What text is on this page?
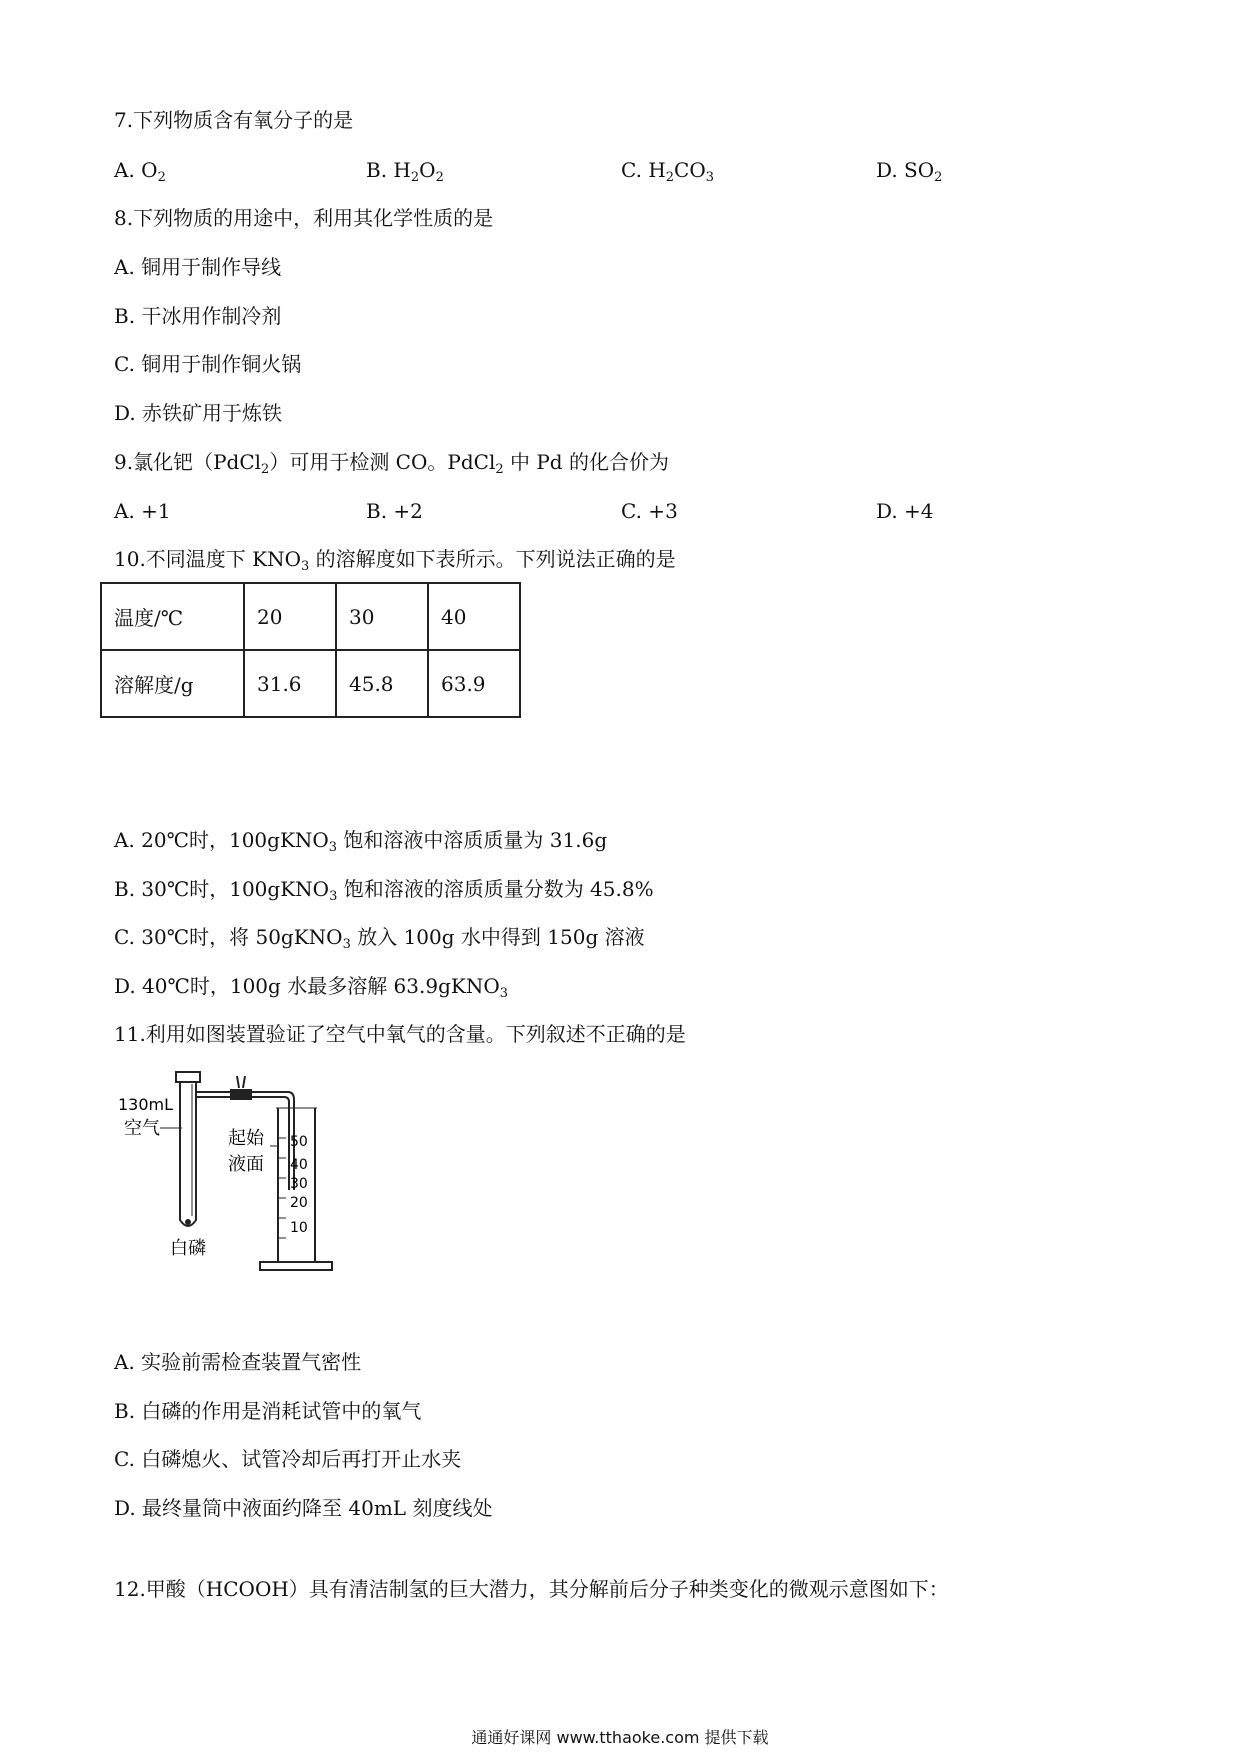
7.下列物质含有氧分子的是
A. $O_2$	B. $H_2O_2$	C. $H_2CO_3$	D. $SO_2$
8.下列物质的用途中，利用其化学性质的是
A. 铜用于制作导线
B. 干冰用作制冷剂
C. 铜用于制作铜火锅
D. 赤铁矿用于炼铁
9.氯化钯（PdCl$_2$）可用于检测 CO。PdCl$_2$ 中 Pd 的化合价为
A. +1	B. +2	C. +3	D. +4
10.不同温度下 $KNO_3$ 的溶解度如下表所示。下列说法正确的是
温度/℃	20	30	40
溶解度/g	31.6	45.8	63.9
A. 20℃时，100gKNO$_3$ 饱和溶液中溶质质量为 31.6g
B. 30℃时，100gKNO$_3$ 饱和溶液的溶质质量分数为 45.8%
C. 30℃时，将 50gKNO$_3$ 放入 100g 水中得到 150g 溶液
D. 40℃时，100g 水最多溶解 63.9gKNO$_3$
11.利用如图装置验证了空气中氧气的含量。下列叙述不正确的是
50
40
30
20
10
130mL
空气	起始
液面
白磷
A. 实验前需检查装置气密性
B. 白磷的作用是消耗试管中的氧气
C. 白磷熄火、试管冷却后再打开止水夹
D. 最终量筒中液面约降至 40mL 刻度线处
12.甲酸（HCOOH）具有清洁制氢的巨大潜力，其分解前后分子种类变化的微观示意图如下：
通通好课网 www.tthaoke.com 提供下载
